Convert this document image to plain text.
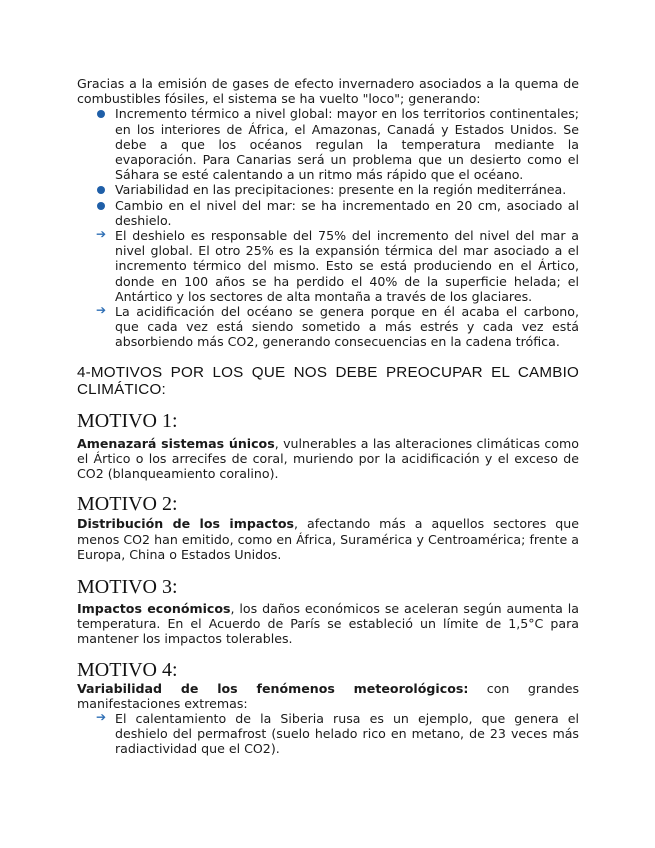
Gracias a la emisión de gases de efecto invernadero asociados a la quema de combustibles fósiles, el sistema se ha vuelto "loco"; generando:

Incremento térmico a nivel global: mayor en los territorios continentales; en los interiores de África, el Amazonas, Canadá y Estados Unidos. Se debe a que los océanos regulan la temperatura mediante la evaporación. Para Canarias será un problema que un desierto como el Sáhara se esté calentando a un ritmo más rápido que el océano.
Variabilidad en las precipitaciones: presente en la región mediterránea.
Cambio en el nivel del mar: se ha incrementado en 20 cm, asociado al deshielo.
➔ El deshielo es responsable del 75% del incremento del nivel del mar a nivel global. El otro 25% es la expansión térmica del mar asociado a el incremento térmico del mismo. Esto se está produciendo en el Ártico, donde en 100 años se ha perdido el 40% de la superficie helada; el Antártico y los sectores de alta montaña a través de los glaciares.
➔ La acidificación del océano se genera porque en él acaba el carbono, que cada vez está siendo sometido a más estrés y cada vez está absorbiendo más CO2, generando consecuencias en la cadena trófica.

4-MOTIVOS POR LOS QUE NOS DEBE PREOCUPAR EL CAMBIO CLIMÁTICO:

MOTIVO 1:

Amenazará sistemas únicos, vulnerables a las alteraciones climáticas como el Ártico o los arrecifes de coral, muriendo por la acidificación y el exceso de CO2 (blanqueamiento coralino).

MOTIVO 2:

Distribución de los impactos, afectando más a aquellos sectores que menos CO2 han emitido, como en África, Suramérica y Centroamérica; frente a Europa, China o Estados Unidos.

MOTIVO 3:

Impactos económicos, los daños económicos se aceleran según aumenta la temperatura. En el Acuerdo de París se estableció un límite de 1,5°C para mantener los impactos tolerables.

MOTIVO 4:

Variabilidad de los fenómenos meteorológicos: con grandes manifestaciones extremas:

➔ El calentamiento de la Siberia rusa es un ejemplo, que genera el deshielo del permafrost (suelo helado rico en metano, de 23 veces más radiactividad que el CO2).
